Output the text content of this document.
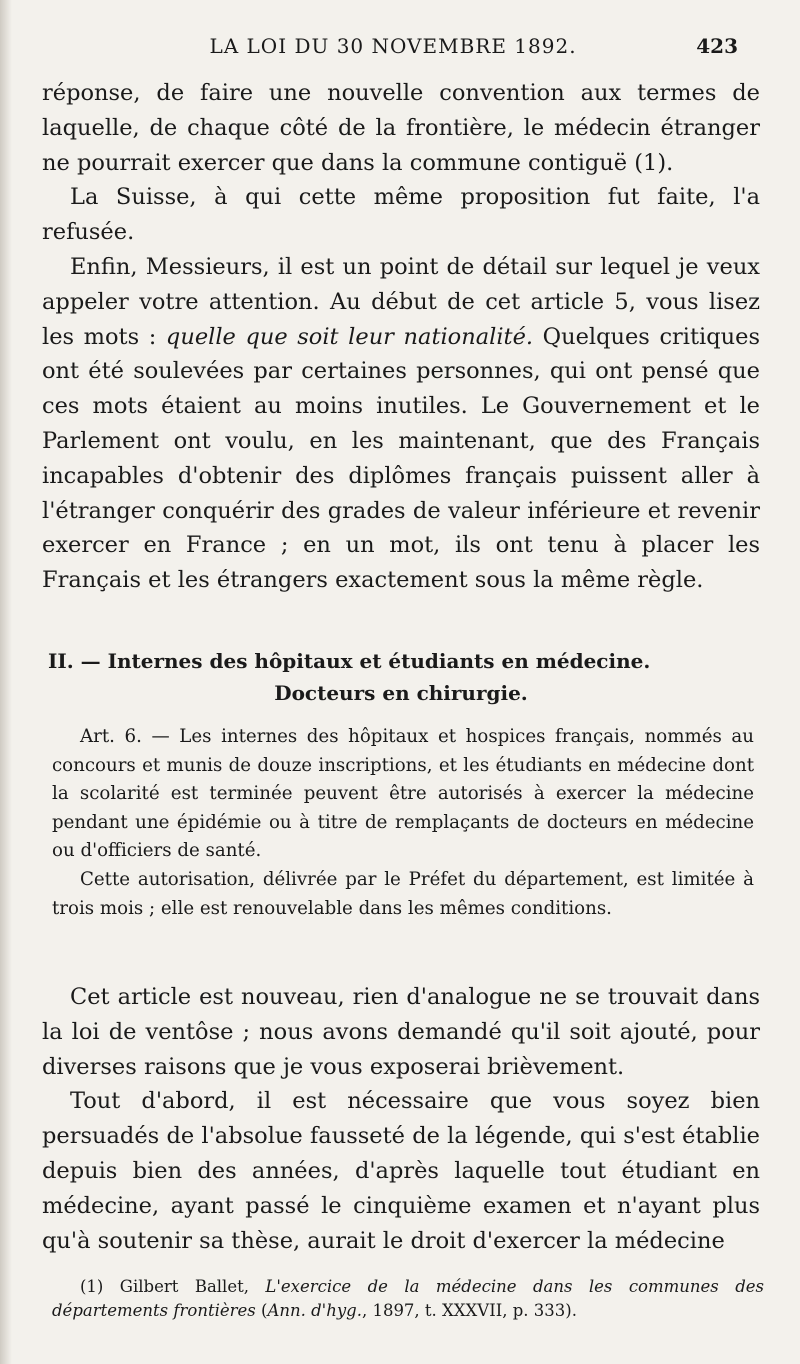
LA LOI DU 30 NOVEMBRE 1892.	423

réponse, de faire une nouvelle convention aux termes de laquelle, de chaque côté de la frontière, le médecin étranger ne pourrait exercer que dans la commune contiguë (1).

La Suisse, à qui cette même proposition fut faite, l'a refusée.

Enfin, Messieurs, il est un point de détail sur lequel je veux appeler votre attention. Au début de cet article 5, vous lisez les mots : quelle que soit leur nationalité. Quelques critiques ont été soulevées par certaines personnes, qui ont pensé que ces mots étaient au moins inutiles. Le Gouvernement et le Parlement ont voulu, en les maintenant, que des Français incapables d'obtenir des diplômes français puissent aller à l'étranger conquérir des grades de valeur inférieure et revenir exercer en France ; en un mot, ils ont tenu à placer les Français et les étrangers exactement sous la même règle.

II. — Internes des hôpitaux et étudiants en médecine.
Docteurs en chirurgie.

Art. 6. — Les internes des hôpitaux et hospices français, nommés au concours et munis de douze inscriptions, et les étudiants en médecine dont la scolarité est terminée peuvent être autorisés à exercer la médecine pendant une épidémie ou à titre de remplaçants de docteurs en médecine ou d'officiers de santé.

Cette autorisation, délivrée par le Préfet du département, est limitée à trois mois ; elle est renouvelable dans les mêmes conditions.

Cet article est nouveau, rien d'analogue ne se trouvait dans la loi de ventôse ; nous avons demandé qu'il soit ajouté, pour diverses raisons que je vous exposerai brièvement.

Tout d'abord, il est nécessaire que vous soyez bien persuadés de l'absolue fausseté de la légende, qui s'est établie depuis bien des années, d'après laquelle tout étudiant en médecine, ayant passé le cinquième examen et n'ayant plus qu'à soutenir sa thèse, aurait le droit d'exercer la médecine

(1) Gilbert Ballet, L'exercice de la médecine dans les communes des départements frontières (Ann. d'hyg., 1897, t. XXXVII, p. 333).
